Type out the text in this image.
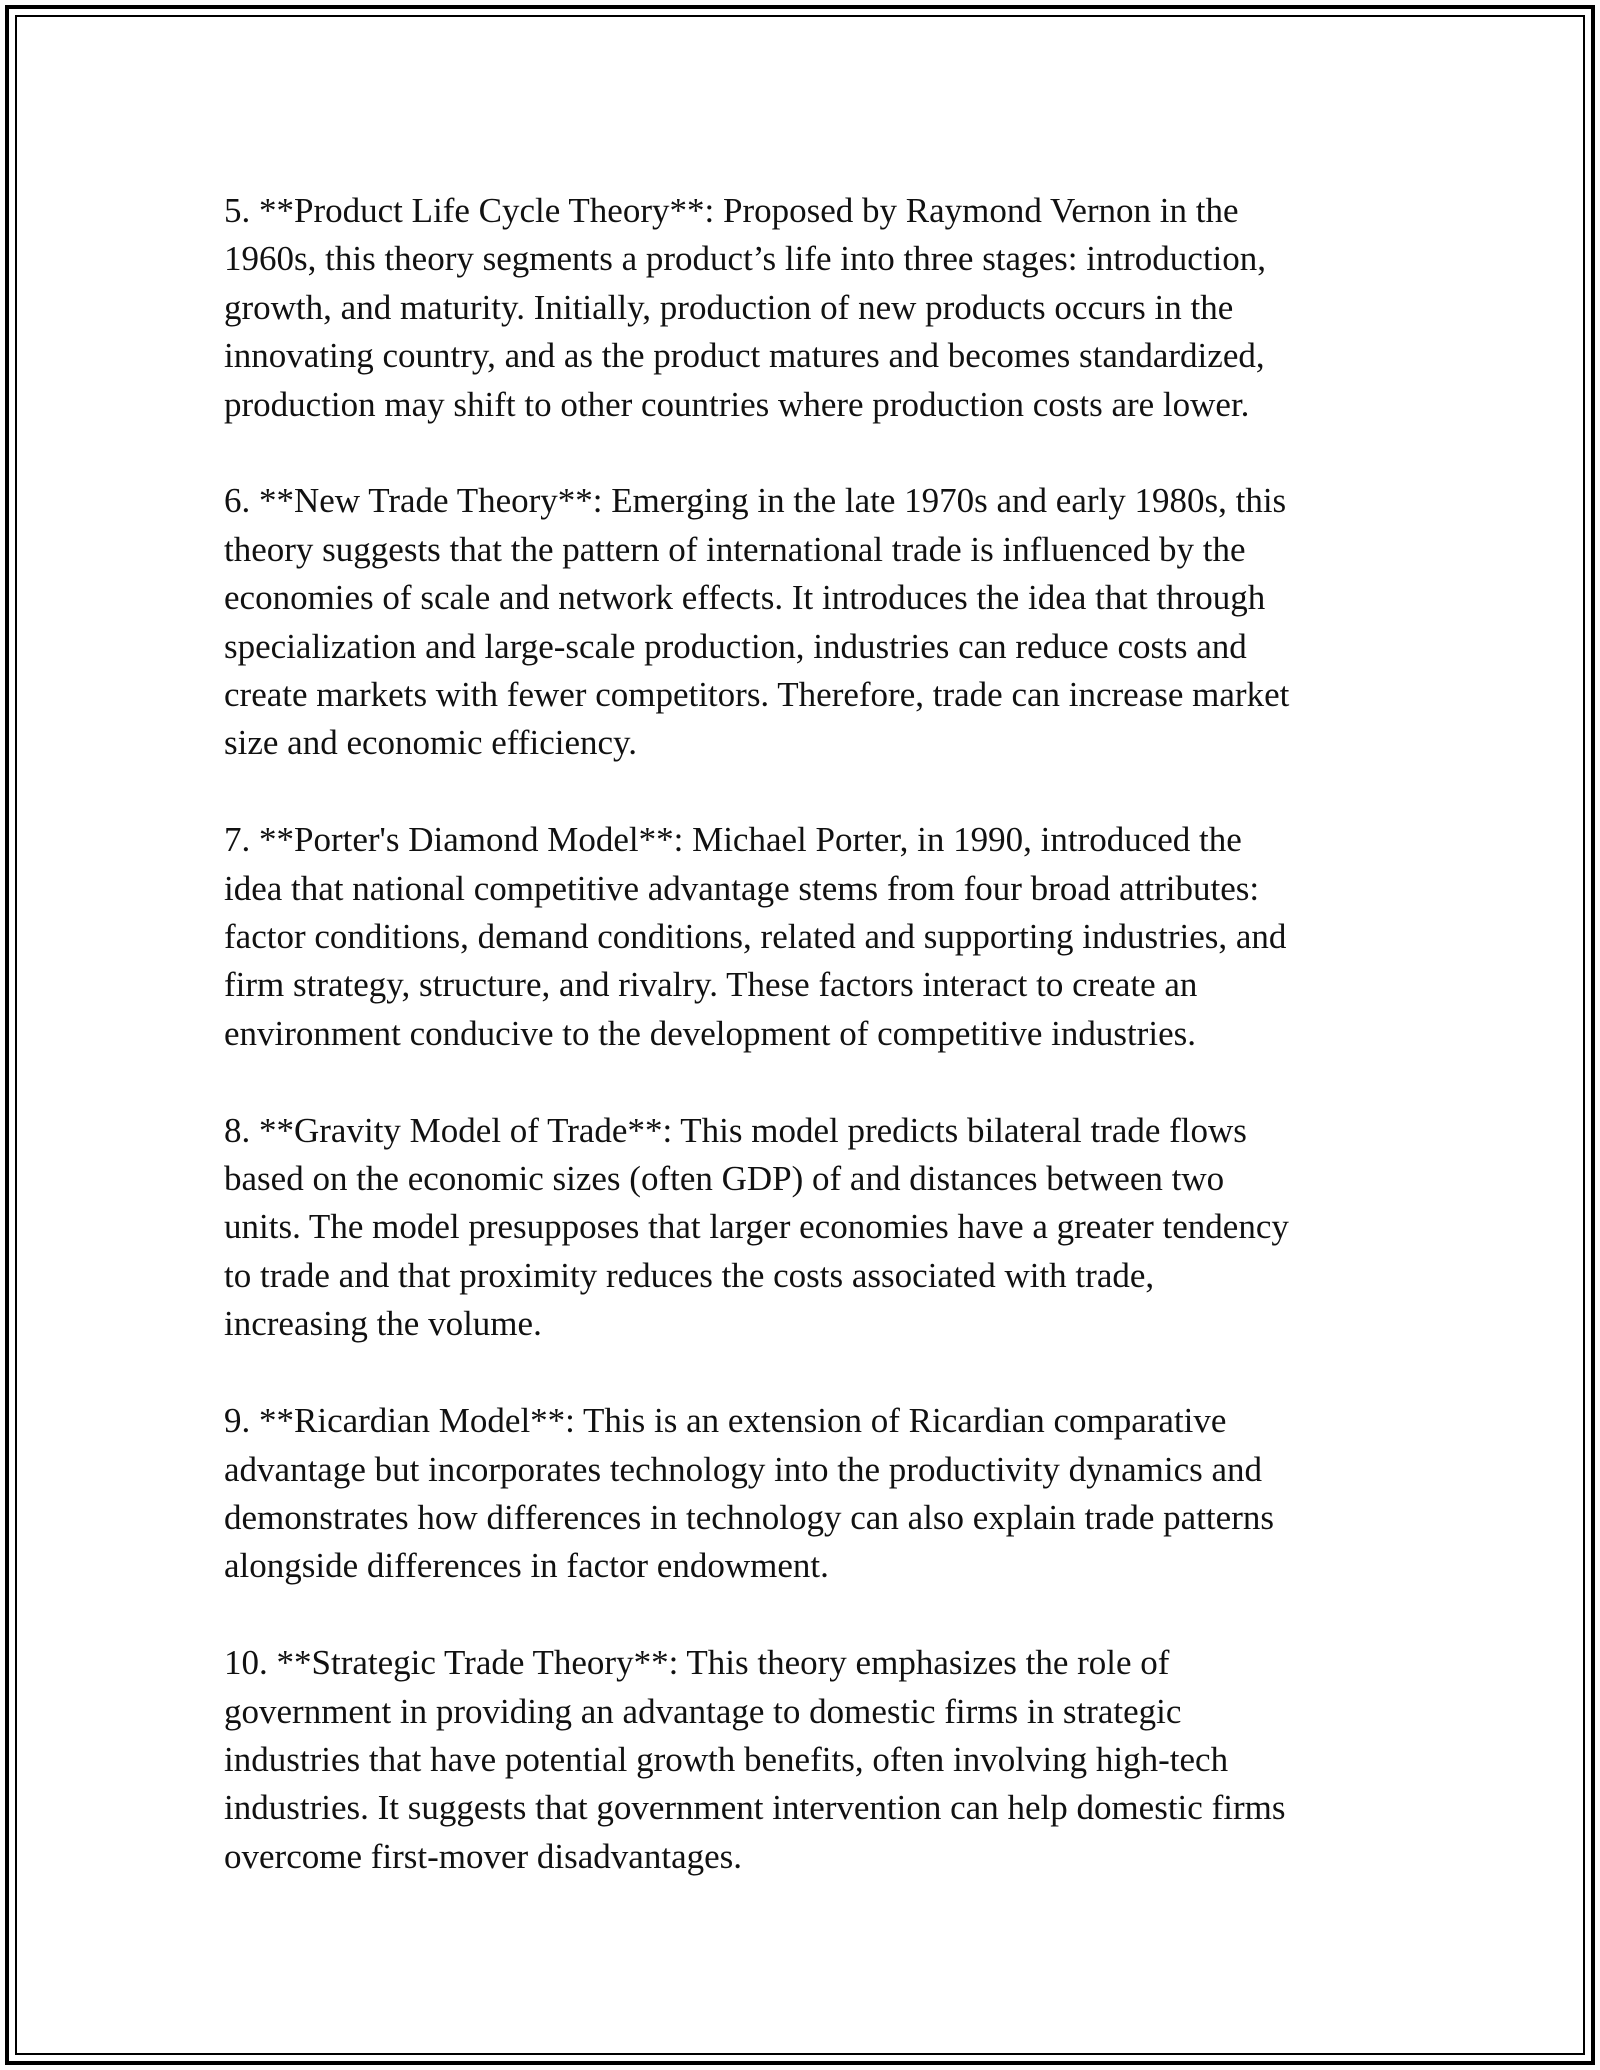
5. **Product Life Cycle Theory**: Proposed by Raymond Vernon in the
1960s, this theory segments a product’s life into three stages: introduction,
growth, and maturity. Initially, production of new products occurs in the
innovating country, and as the product matures and becomes standardized,
production may shift to other countries where production costs are lower.

6. **New Trade Theory**: Emerging in the late 1970s and early 1980s, this
theory suggests that the pattern of international trade is influenced by the
economies of scale and network effects. It introduces the idea that through
specialization and large-scale production, industries can reduce costs and
create markets with fewer competitors. Therefore, trade can increase market
size and economic efficiency.

7. **Porter's Diamond Model**: Michael Porter, in 1990, introduced the
idea that national competitive advantage stems from four broad attributes:
factor conditions, demand conditions, related and supporting industries, and
firm strategy, structure, and rivalry. These factors interact to create an
environment conducive to the development of competitive industries.

8. **Gravity Model of Trade**: This model predicts bilateral trade flows
based on the economic sizes (often GDP) of and distances between two
units. The model presupposes that larger economies have a greater tendency
to trade and that proximity reduces the costs associated with trade,
increasing the volume.

9. **Ricardian Model**: This is an extension of Ricardian comparative
advantage but incorporates technology into the productivity dynamics and
demonstrates how differences in technology can also explain trade patterns
alongside differences in factor endowment.

10. **Strategic Trade Theory**: This theory emphasizes the role of
government in providing an advantage to domestic firms in strategic
industries that have potential growth benefits, often involving high-tech
industries. It suggests that government intervention can help domestic firms
overcome first-mover disadvantages.
